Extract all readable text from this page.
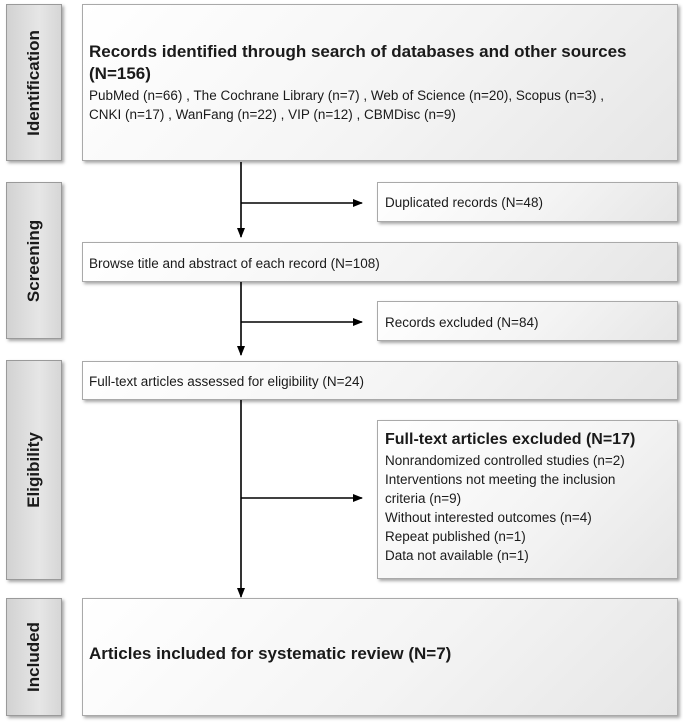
Identification
Screening
Eligibility
Included
Records identified through search of databases and other sources
(N=156)
PubMed (n=66) , The Cochrane Library (n=7) , Web of Science (n=20), Scopus (n=3) ,
CNKI (n=17) , WanFang (n=22) , VIP (n=12) , CBMDisc (n=9)
Duplicated records (N=48)
Browse title and abstract of each record (N=108)
Records excluded (N=84)
Full-text articles assessed for eligibility (N=24)
Full-text articles excluded (N=17)
Nonrandomized controlled studies (n=2)
Interventions not meeting the inclusion
criteria (n=9)
Without interested outcomes (n=4)
Repeat published (n=1)
Data not available (n=1)
Articles included for systematic review (N=7)
